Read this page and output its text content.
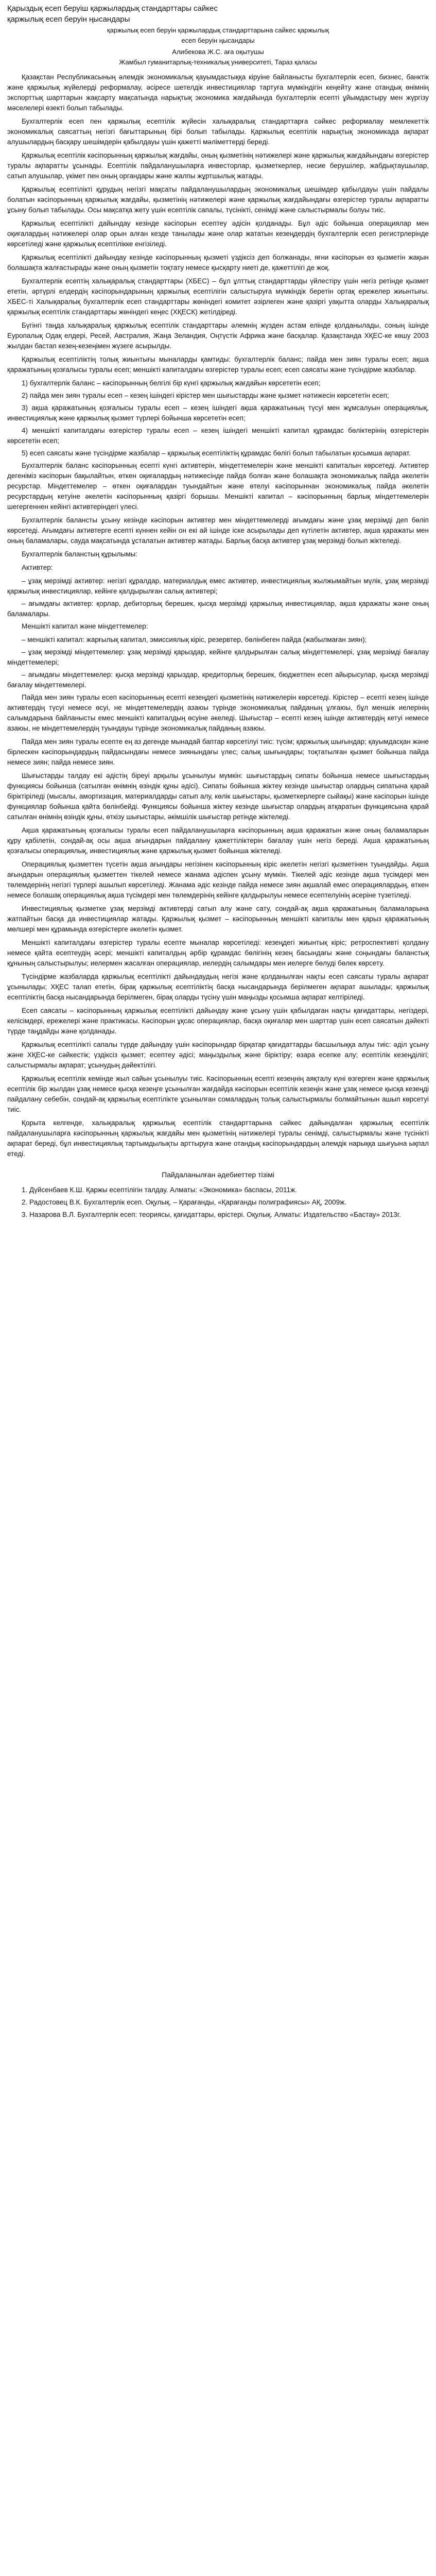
Қарыздық есеп беруіш қаржылардық стандарттары сайкес

қаржылық есеп беруін ңысандары

қаржылық есеп беруін қаржылардық стандарттарына сайкес қаржылық

есеп беруін ңысандары

Алибекова Ж.С. аға оқытушы

Жамбыл гуманитарлық-техникалық университеті, Тараз қаласы

Қазақстан Республикасының әлемдік экономикалық қауымдастыққа кіруіне байланысты бухгалтерлік есеп, бизнес, банктік және қаржылық жүйелерді реформалау, әсіресе шетелдік инвестициялар тартуға мүмкіндігін кеңейту және отандық өнімнің экспорттық шарттарын жақсарту мақсатында нарықтық экономика жағдайында бухгалтерлік есепті ұйымдастыру мен жүргізу мәселелері өзекті болып табылады.

Бухгалтерлік есеп пен қаржылық есептілік жүйесін халықаралық стандарттарға сәйкес реформалау мемлекеттік экономикалық саясаттың негізгі бағыттарының бірі болып табылады. Қаржылық есептілік нарықтық экономикада ақпарат алушылардың басқару шешімдерін қабылдауы үшін қажетті мәліметтерді береді.

Қаржылық есептілік кәсіпорынның қаржылық жағдайы, оның қызметінің нәтижелері және қаржылық жағдайындағы өзгерістер туралы ақпаратты ұсынады. Есептілік пайдаланушыларға инвесторлар, қызметкерлер, несие берушілер, жабдықтаушылар, сатып алушылар, үкімет пен оның органдары және жалпы жұртшылық жатады.

Қаржылық есептілікті құрудың негізгі мақсаты пайдаланушылардың экономикалық шешімдер қабылдауы үшін пайдалы болатын кәсіпорынның қаржылық жағдайы, қызметінің нәтижелері және қаржылық жағдайындағы өзгерістер туралы ақпаратты ұсыну болып табылады. Осы мақсатқа жету үшін есептілік сапалы, түсінікті, сенімді және салыстырмалы болуы тиіс.

Қаржылық есептілікті дайындау кезінде кәсіпорын есептеу әдісін қолданады. Бұл әдіс бойынша операциялар мен оқиғалардың нәтижелері олар орын алған кезде танылады және олар жататын кезеңдердің бухгалтерлік есеп регистрлерінде көрсетіледі және қаржылық есептілікке енгізіледі.

Қаржылық есептілікті дайындау кезінде кәсіпорынның қызметі үздіксіз деп болжанады, яғни кәсіпорын өз қызметін жақын болашақта жалғастырады және оның қызметін тоқтату немесе қысқарту ниеті де, қажеттілігі де жоқ.

Бухгалтерлік есептің халықаралық стандарттары (ХБЕС) – бұл ұлттық стандарттарды үйлестіру үшін негіз ретінде қызмет ететін, әртүрлі елдердің кәсіпорындарының қаржылық есептілігін салыстыруға мүмкіндік беретін ортақ ережелер жиынтығы. ХБЕС-ті Халықаралық бухгалтерлік есеп стандарттары жөніндегі комитет әзірлеген және қазіргі уақытта оларды Халықаралық қаржылық есептілік стандарттары жөніндегі кеңес (ХҚЕСК) жетілдіреді.

Бүгінгі таңда халықаралық қаржылық есептілік стандарттары әлемнің жүзден астам елінде қолданылады, соның ішінде Еуропалық Одақ елдері, Ресей, Австралия, Жаңа Зеландия, Оңтүстік Африка және басқалар. Қазақстанда ХҚЕС-ке көшу 2003 жылдан бастап кезең-кезеңімен жүзеге асырылды.

Қаржылық есептіліктің толық жиынтығы мыналарды қамтиды: бухгалтерлік баланс; пайда мен зиян туралы есеп; ақша қаражатының қозғалысы туралы есеп; меншікті капиталдағы өзгерістер туралы есеп; есеп саясаты және түсіндірме жазбалар.

1) бухгалтерлік баланс – кәсіпорынның белгілі бір күнгі қаржылық жағдайын көрсететін есеп;

2) пайда мен зиян туралы есеп – кезең ішіндегі кірістер мен шығыстарды және қызмет нәтижесін көрсететін есеп;

3) ақша қаражатының қозғалысы туралы есеп – кезең ішіндегі ақша қаражатының түсуі мен жұмсалуын операциялық, инвестициялық және қаржылық қызмет түрлері бойынша көрсететін есеп;

4) меншікті капиталдағы өзгерістер туралы есеп – кезең ішіндегі меншікті капитал құрамдас бөліктерінің өзгерістерін көрсететін есеп;

5) есеп саясаты және түсіндірме жазбалар – қаржылық есептіліктің құрамдас бөлігі болып табылатын қосымша ақпарат.

Бухгалтерлік баланс кәсіпорынның есепті күнгі активтерін, міндеттемелерін және меншікті капиталын көрсетеді. Активтер дегеніміз кәсіпорын бақылайтын, өткен оқиғалардың нәтижесінде пайда болған және болашақта экономикалық пайда әкелетін ресурстар. Міндеттемелер – өткен оқиғалардан туындайтын және өтелуі кәсіпорыннан экономикалық пайда әкелетін ресурстардың кетуіне әкелетін кәсіпорынның қазіргі борышы. Меншікті капитал – кәсіпорынның барлық міндеттемелерін шегергеннен кейінгі активтеріндегі үлесі.

Бухгалтерлік балансты ұсыну кезінде кәсіпорын активтер мен міндеттемелерді ағымдағы және ұзақ мерзімді деп бөліп көрсетеді. Ағымдағы активтерге есепті күннен кейін он екі ай ішінде іске асырылады деп күтілетін активтер, ақша қаражаты мен оның баламалары, сауда мақсатында ұсталатын активтер жатады. Барлық басқа активтер ұзақ мерзімді болып жіктеледі.

Бухгалтерлік баланстың құрылымы:

Активтер:

– ұзақ мерзімді активтер: негізгі құралдар, материалдық емес активтер, инвестициялық жылжымайтын мүлік, ұзақ мерзімді қаржылық инвестициялар, кейінге қалдырылған салық активтері;

– ағымдағы активтер: қорлар, дебиторлық берешек, қысқа мерзімді қаржылық инвестициялар, ақша қаражаты және оның баламалары.

Меншікті капитал және міндеттемелер:

– меншікті капитал: жарғылық капитал, эмиссиялық кіріс, резервтер, бөлінбеген пайда (жабылмаған зиян);

– ұзақ мерзімді міндеттемелер: ұзақ мерзімді қарыздар, кейінге қалдырылған салық міндеттемелері, ұзақ мерзімді бағалау міндеттемелері;

– ағымдағы міндеттемелер: қысқа мерзімді қарыздар, кредиторлық берешек, бюджетпен есеп айырысулар, қысқа мерзімді бағалау міндеттемелері.

Пайда мен зиян туралы есеп кәсіпорынның есепті кезеңдегі қызметінің нәтижелерін көрсетеді. Кірістер – есепті кезең ішінде активтердің түсуі немесе өсуі, не міндеттемелердің азаюы түрінде экономикалық пайданың ұлғаюы, бұл меншік иелерінің салымдарына байланысты емес меншікті капиталдың өсуіне әкеледі. Шығыстар – есепті кезең ішінде активтердің кетуі немесе азаюы, не міндеттемелердің туындауы түрінде экономикалық пайданың азаюы.

Пайда мен зиян туралы есепте ең аз дегенде мынадай баптар көрсетілуі тиіс: түсім; қаржылық шығындар; қауымдасқан және бірлескен кәсіпорындардың пайдасындағы немесе зиянындағы үлес; салық шығындары; тоқтатылған қызмет бойынша пайда немесе зиян; пайда немесе зиян.

Шығыстарды талдау екі әдістің біреуі арқылы ұсынылуы мүмкін: шығыстардың сипаты бойынша немесе шығыстардың функциясы бойынша (сатылған өнімнің өзіндік құны әдісі). Сипаты бойынша жіктеу кезінде шығыстар олардың сипатына қарай біріктіріледі (мысалы, амортизация, материалдарды сатып алу, көлік шығыстары, қызметкерлерге сыйақы) және кәсіпорын ішінде функциялар бойынша қайта бөлінбейді. Функциясы бойынша жіктеу кезінде шығыстар олардың атқаратын функциясына қарай сатылған өнімнің өзіндік құны, өткізу шығыстары, әкімшілік шығыстар ретінде жіктеледі.

Ақша қаражатының қозғалысы туралы есеп пайдаланушыларға кәсіпорынның ақша қаражатын және оның баламаларын құру қабілетін, сондай-ақ осы ақша ағындарын пайдалану қажеттіліктерін бағалау үшін негіз береді. Ақша қаражатының қозғалысы операциялық, инвестициялық және қаржылық қызмет бойынша жіктеледі.

Операциялық қызметтен түсетін ақша ағындары негізінен кәсіпорынның кіріс әкелетін негізгі қызметінен туындайды. Ақша ағындарын операциялық қызметтен тікелей немесе жанама әдіспен ұсыну мүмкін. Тікелей әдіс кезінде ақша түсімдері мен төлемдерінің негізгі түрлері ашылып көрсетіледі. Жанама әдіс кезінде пайда немесе зиян ақшалай емес операциялардың, өткен немесе болашақ операциялық ақша түсімдері мен төлемдерінің кейінге қалдырылуы немесе есептелуінің әсеріне түзетіледі.

Инвестициялық қызметке ұзақ мерзімді активтерді сатып алу және сату, сондай-ақ ақша қаражатының баламаларына жатпайтын басқа да инвестициялар жатады. Қаржылық қызмет – кәсіпорынның меншікті капиталы мен қарыз қаражатының мөлшері мен құрамында өзгерістерге әкелетін қызмет.

Меншікті капиталдағы өзгерістер туралы есепте мыналар көрсетіледі: кезеңдегі жиынтық кіріс; ретроспективті қолдану немесе қайта есептеудің әсері; меншікті капиталдың әрбір құрамдас бөлігінің кезең басындағы және соңындағы баланстық құнының салыстырылуы; иелермен жасалған операциялар, иелердің салымдары мен иелерге бөлуді бөлек көрсету.

Түсіндірме жазбаларда қаржылық есептілікті дайындаудың негізі және қолданылған нақты есеп саясаты туралы ақпарат ұсынылады; ХҚЕС талап ететін, бірақ қаржылық есептіліктің басқа нысандарында берілмеген ақпарат ашылады; қаржылық есептіліктің басқа нысандарында берілмеген, бірақ оларды түсіну үшін маңызды қосымша ақпарат келтіріледі.

Есеп саясаты – кәсіпорынның қаржылық есептілікті дайындау және ұсыну үшін қабылдаған нақты қағидаттары, негіздері, келісімдері, ережелері және практикасы. Кәсіпорын ұқсас операциялар, басқа оқиғалар мен шарттар үшін есеп саясатын дәйекті түрде таңдайды және қолданады.

Қаржылық есептілікті сапалы түрде дайындау үшін кәсіпорындар бірқатар қағидаттарды басшылыққа алуы тиіс: әділ ұсыну және ХҚЕС-ке сәйкестік; үздіксіз қызмет; есептеу әдісі; маңыздылық және біріктіру; өзара есепке алу; есептілік кезеңділігі; салыстырмалы ақпарат; ұсынудың дәйектілігі.

Қаржылық есептілік кемінде жыл сайын ұсынылуы тиіс. Кәсіпорынның есепті кезеңнің аяқталу күні өзгерген және қаржылық есептілік бір жылдан ұзақ немесе қысқа кезеңге ұсынылған жағдайда кәсіпорын есептілік кезеңін және ұзақ немесе қысқа кезеңді пайдалану себебін, сондай-ақ қаржылық есептілікте ұсынылған сомалардың толық салыстырмалы болмайтынын ашып көрсетуі тиіс.

Қорыта келгенде, халықаралық қаржылық есептілік стандарттарына сәйкес дайындалған қаржылық есептілік пайдаланушыларға кәсіпорынның қаржылық жағдайы мен қызметінің нәтижелері туралы сенімді, салыстырмалы және түсінікті ақпарат береді, бұл инвестициялық тартымдылықты арттыруға және отандық кәсіпорындардың әлемдік нарыққа шығуына ықпал етеді.

Пайдаланылған әдебиеттер тізімі

1. Дүйсенбаев К.Ш. Қаржы есептілігін талдау. Алматы: «Экономика» баспасы, 2011ж.

2. Радостовец В.К. Бухгалтерлік есеп. Оқулық. – Қарағанды, «Қарағанды полиграфиясы» АҚ, 2009ж.

3. Назарова В.Л. Бухгалтерлік есеп: теориясы, қағидаттары, өрістерi. Оқулық. Алматы: Издательство «Бастау» 2013г.
